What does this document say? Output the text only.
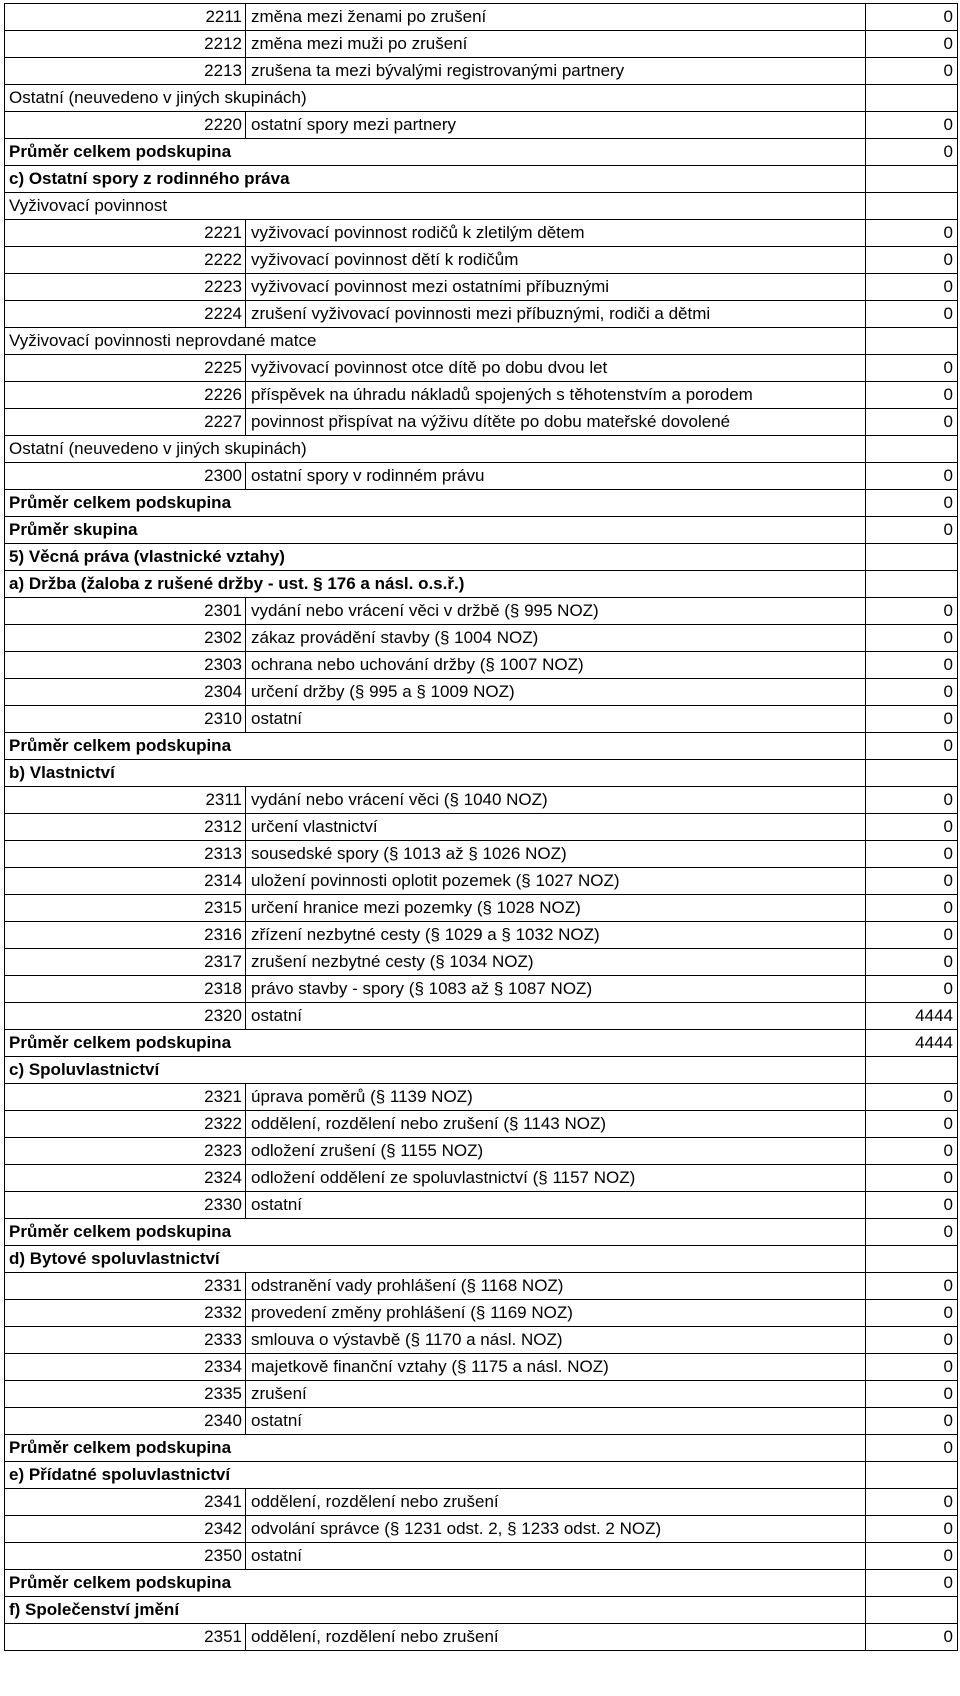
2211	změna mezi ženami po zrušení	0
2212	změna mezi muži po zrušení	0
2213	zrušena ta mezi bývalými registrovanými partnery	0
Ostatní (neuvedeno v jiných skupinách)		
2220	ostatní spory mezi partnery	0
Průměr celkem podskupina		0
c) Ostatní spory z rodinného práva		
Vyživovací povinnost		
2221	vyživovací povinnost rodičů k zletilým dětem	0
2222	vyživovací povinnost dětí k rodičům	0
2223	vyživovací povinnost mezi ostatními příbuznými	0
2224	zrušení vyživovací povinnosti mezi příbuznými, rodiči a dětmi	0
Vyživovací povinnosti neprovdané matce		
2225	vyživovací povinnost otce dítě po dobu dvou let	0
2226	příspěvek na úhradu nákladů spojených s těhotenstvím a porodem	0
2227	povinnost přispívat na výživu dítěte po dobu mateřské dovolené	0
Ostatní (neuvedeno v jiných skupinách)		
2300	ostatní spory v rodinném právu	0
Průměr celkem podskupina		0
Průměr skupina		0
5) Věcná práva (vlastnické vztahy)		
a) Držba (žaloba z rušené držby - ust. § 176 a násl. o.s.ř.)		
2301	vydání nebo vrácení věci v držbě (§ 995 NOZ)	0
2302	zákaz provádění stavby (§ 1004 NOZ)	0
2303	ochrana nebo uchování držby (§ 1007 NOZ)	0
2304	určení držby (§ 995 a § 1009 NOZ)	0
2310	ostatní	0
Průměr celkem podskupina		0
b) Vlastnictví		
2311	vydání nebo vrácení věci (§ 1040 NOZ)	0
2312	určení vlastnictví	0
2313	sousedské spory (§ 1013 až § 1026 NOZ)	0
2314	uložení povinnosti oplotit pozemek (§ 1027 NOZ)	0
2315	určení hranice mezi pozemky (§ 1028 NOZ)	0
2316	zřízení nezbytné cesty (§ 1029 a § 1032 NOZ)	0
2317	zrušení nezbytné cesty (§ 1034 NOZ)	0
2318	právo stavby - spory (§ 1083 až § 1087 NOZ)	0
2320	ostatní	4444
Průměr celkem podskupina		4444
c) Spoluvlastnictví		
2321	úprava poměrů (§ 1139 NOZ)	0
2322	oddělení, rozdělení nebo zrušení (§ 1143 NOZ)	0
2323	odložení zrušení (§ 1155 NOZ)	0
2324	odložení oddělení ze spoluvlastnictví (§ 1157 NOZ)	0
2330	ostatní	0
Průměr celkem podskupina		0
d) Bytové spoluvlastnictví		
2331	odstranění vady prohlášení (§ 1168 NOZ)	0
2332	provedení změny prohlášení (§ 1169 NOZ)	0
2333	smlouva o výstavbě (§ 1170 a násl. NOZ)	0
2334	majetkově finanční vztahy (§ 1175 a násl. NOZ)	0
2335	zrušení	0
2340	ostatní	0
Průměr celkem podskupina		0
e) Přídatné spoluvlastnictví		
2341	oddělení, rozdělení nebo zrušení	0
2342	odvolání správce (§ 1231 odst. 2, § 1233 odst. 2 NOZ)	0
2350	ostatní	0
Průměr celkem podskupina		0
f) Společenství jmění		
2351	oddělení, rozdělení nebo zrušení	0
